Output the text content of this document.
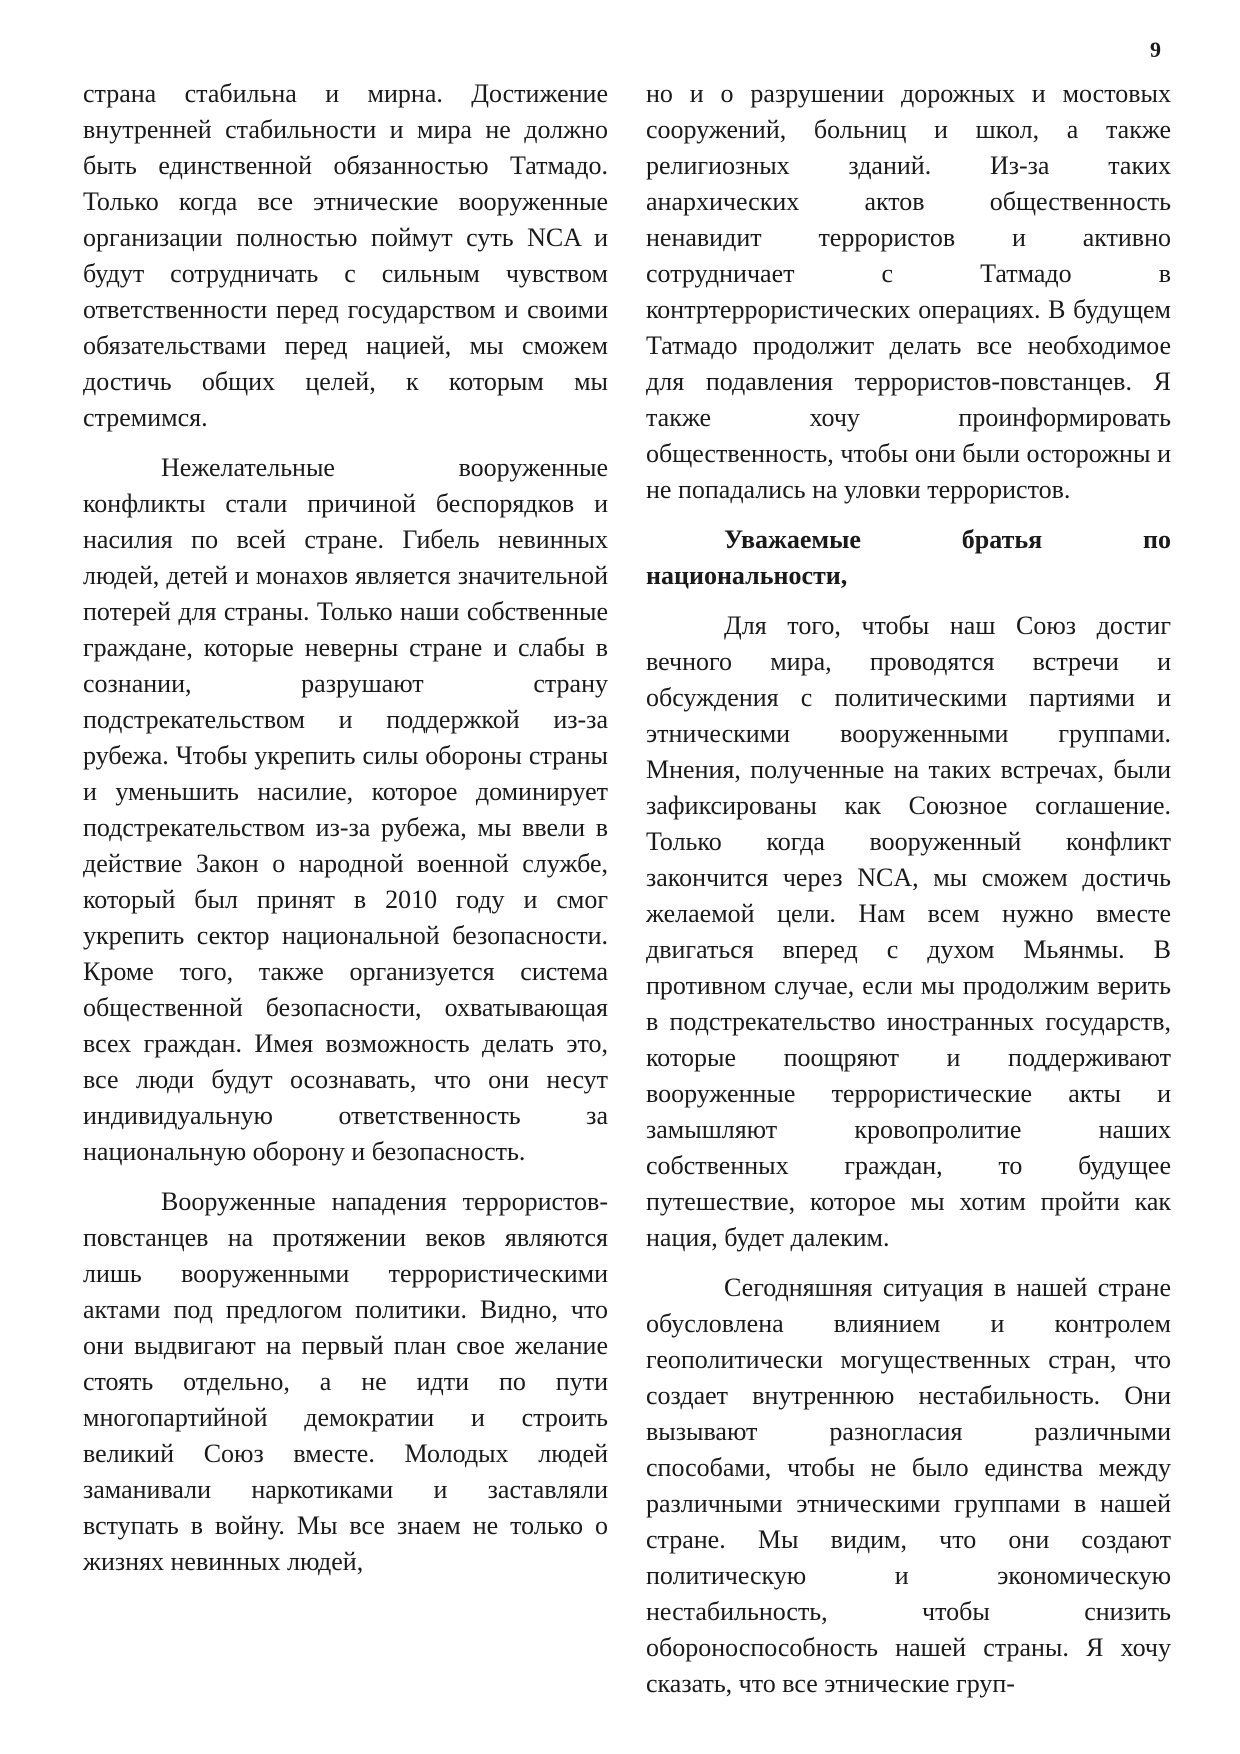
9

страна стабильна и мирна. Достижение внутренней стабильности и мира не должно быть единственной обязанностью Татмадо. Только когда все этнические вооруженные организации полностью поймут суть NCA и будут сотрудничать с сильным чувством ответственности перед государством и своими обязательствами перед нацией, мы сможем достичь общих целей, к которым мы стремимся.

Нежелательные вооруженные конфликты стали причиной беспорядков и насилия по всей стране. Гибель невинных людей, детей и монахов является значительной потерей для страны. Только наши собственные граждане, которые неверны стране и слабы в сознании, разрушают страну подстрекательством и поддержкой из-за рубежа. Чтобы укрепить силы обороны страны и уменьшить насилие, которое доминирует подстрекательством из-за рубежа, мы ввели в действие Закон о народной военной службе, который был принят в 2010 году и смог укрепить сектор национальной безопасности. Кроме того, также организуется система общественной безопасности, охватывающая всех граждан. Имея возможность делать это, все люди будут осознавать, что они несут индивидуальную ответственность за национальную оборону и безопасность.

Вооруженные нападения террористов-повстанцев на протяжении веков являются лишь вооруженными террористическими актами под предлогом политики. Видно, что они выдвигают на первый план свое желание стоять отдельно, а не идти по пути многопартийной демократии и строить великий Союз вместе. Молодых людей заманивали наркотиками и заставляли вступать в войну. Мы все знаем не только о жизнях невинных людей,

но и о разрушении дорожных и мостовых сооружений, больниц и школ, а также религиозных зданий. Из-за таких анархических актов общественность ненавидит террористов и активно сотрудничает с Татмадо в контртеррористических операциях. В будущем Татмадо продолжит делать все необходимое для подавления террористов-повстанцев. Я также хочу проинформировать общественность, чтобы они были осторожны и не попадались на уловки террористов.

Уважаемые братья по национальности,

Для того, чтобы наш Союз достиг вечного мира, проводятся встречи и обсуждения с политическими партиями и этническими вооруженными группами. Мнения, полученные на таких встречах, были зафиксированы как Союзное соглашение. Только когда вооруженный конфликт закончится через NCA, мы сможем достичь желаемой цели. Нам всем нужно вместе двигаться вперед с духом Мьянмы. В противном случае, если мы продолжим верить в подстрекательство иностранных государств, которые поощряют и поддерживают вооруженные террористические акты и замышляют кровопролитие наших собственных граждан, то будущее путешествие, которое мы хотим пройти как нация, будет далеким.

Сегодняшняя ситуация в нашей стране обусловлена влиянием и контролем геополитически могущественных стран, что создает внутреннюю нестабильность. Они вызывают разногласия различными способами, чтобы не было единства между различными этническими группами в нашей стране. Мы видим, что они создают политическую и экономическую нестабильность, чтобы снизить обороноспособность нашей страны. Я хочу сказать, что все этнические груп-
